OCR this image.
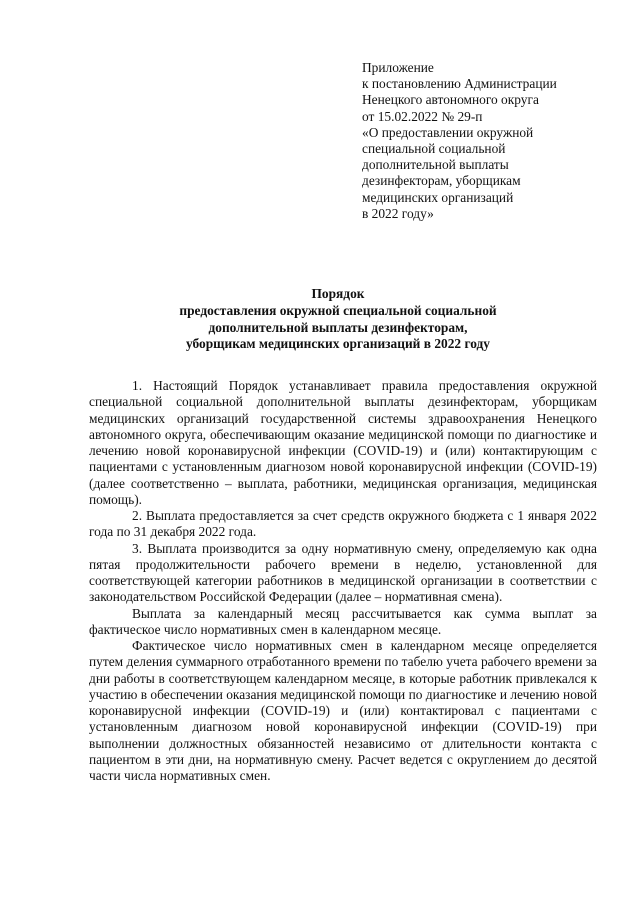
Приложение
к постановлению Администрации
Ненецкого автономного округа
от 15.02.2022 № 29-п
«О предоставлении окружной
специальной социальной
дополнительной выплаты
дезинфекторам, уборщикам
медицинских организаций
в 2022 году»
Порядок
предоставления окружной специальной социальной
дополнительной выплаты дезинфекторам,
уборщикам медицинских организаций в 2022 году

1. Настоящий Порядок устанавливает правила предоставления окружной специальной социальной дополнительной выплаты дезинфекторам, уборщикам медицинских организаций государственной системы здравоохранения Ненецкого автономного округа, обеспечивающим оказание медицинской помощи по диагностике и лечению новой коронавирусной инфекции (COVID-19) и (или) контактирующим с пациентами с установленным диагнозом новой коронавирусной инфекции (COVID-19) (далее соответственно – выплата, работники, медицинская организация, медицинская помощь).

2. Выплата предоставляется за счет средств окружного бюджета с 1 января 2022 года по 31 декабря 2022 года.

3. Выплата производится за одну нормативную смену, определяемую как одна пятая продолжительности рабочего времени в неделю, установленной для соответствующей категории работников в медицинской организации в соответствии с законодательством Российской Федерации (далее – нормативная смена).

Выплата за календарный месяц рассчитывается как сумма выплат за фактическое число нормативных смен в календарном месяце.

Фактическое число нормативных смен в календарном месяце определяется путем деления суммарного отработанного времени по табелю учета рабочего времени за дни работы в соответствующем календарном месяце, в которые работник привлекался к участию в обеспечении оказания медицинской помощи по диагностике и лечению новой коронавирусной инфекции (COVID-19) и (или) контактировал с пациентами с установленным диагнозом новой коронавирусной инфекции (COVID-19) при выполнении должностных обязанностей независимо от длительности контакта с пациентом в эти дни, на нормативную смену. Расчет ведется с округлением до десятой части числа нормативных смен.
